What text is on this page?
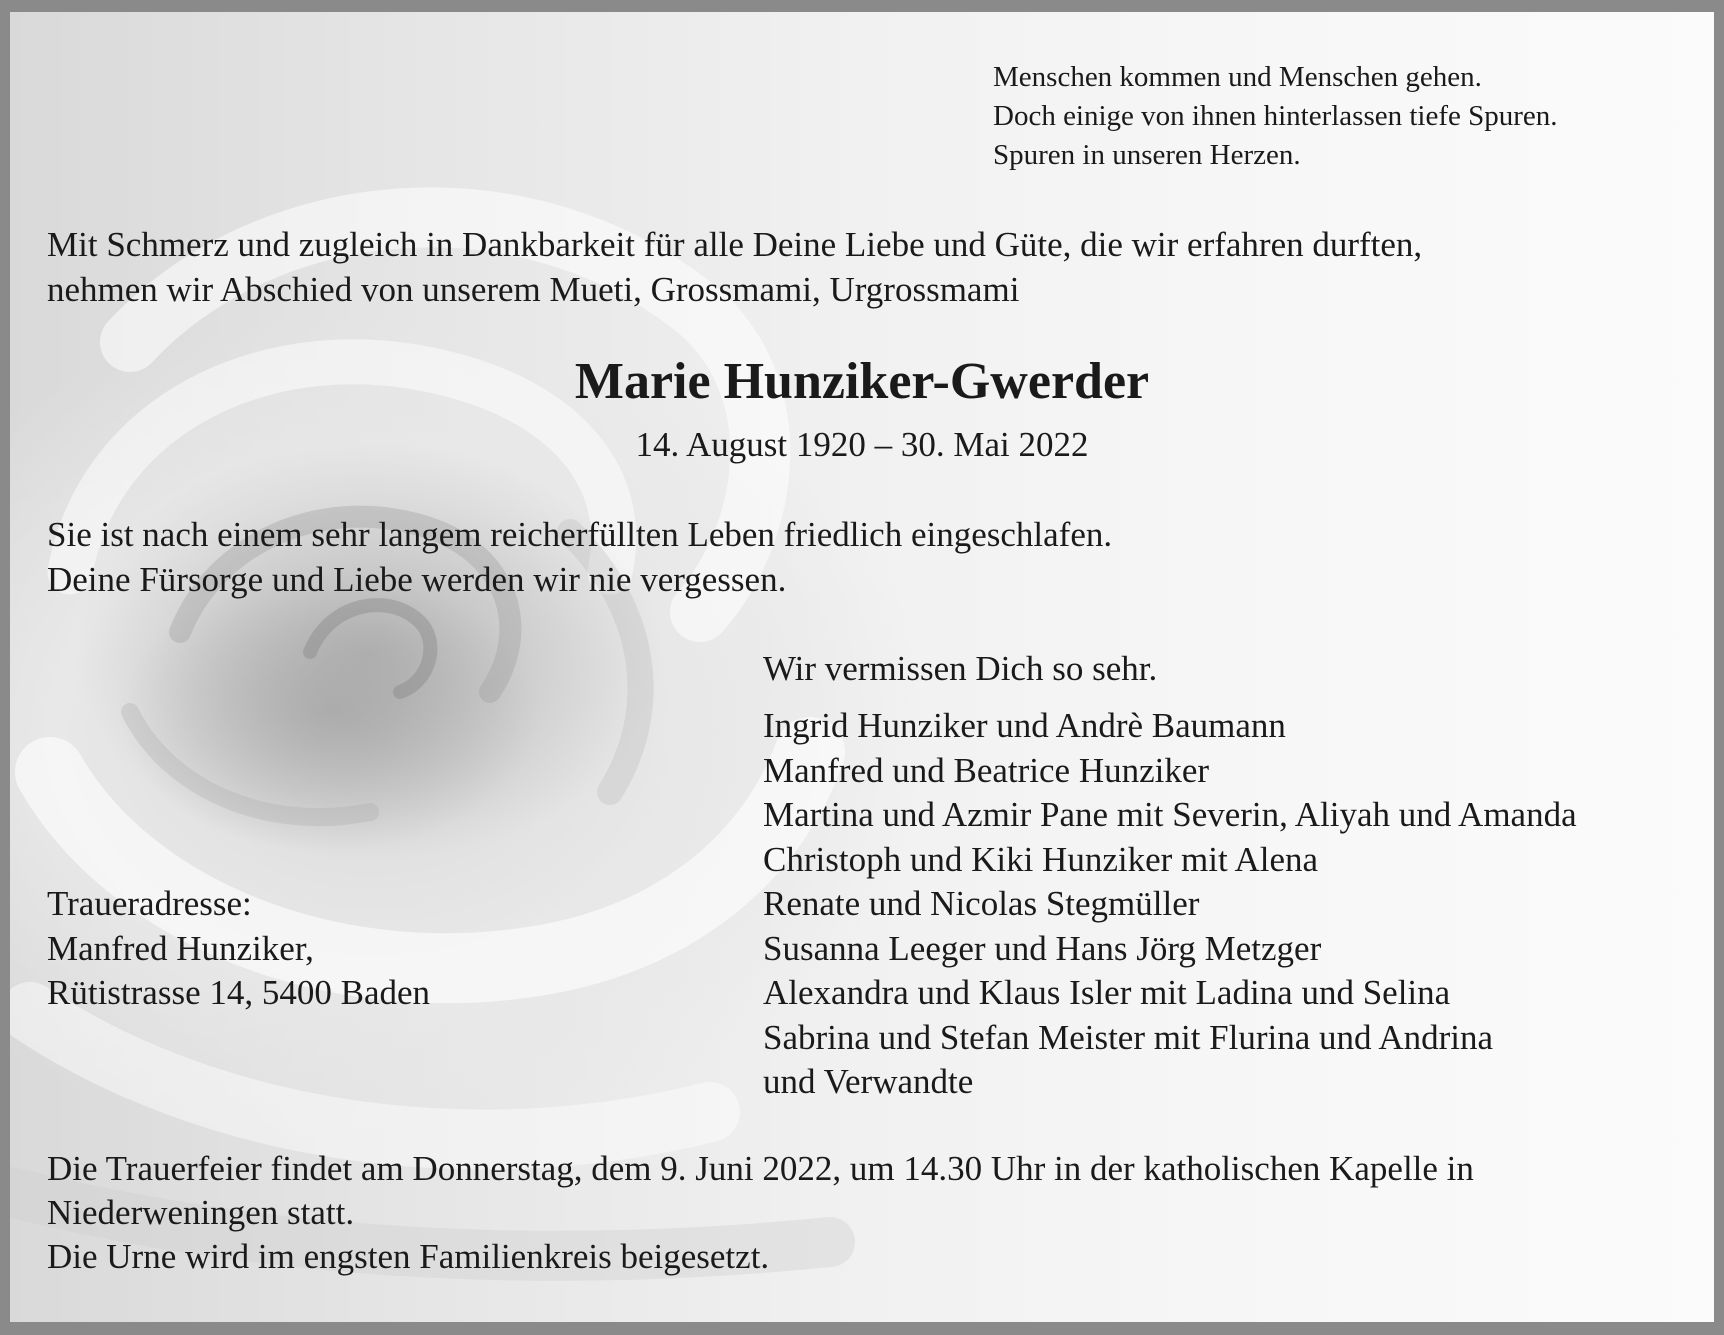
Menschen kommen und Menschen gehen.
Doch einige von ihnen hinterlassen tiefe Spuren.
Spuren in unseren Herzen.
Mit Schmerz und zugleich in Dankbarkeit für alle Deine Liebe und Güte, die wir erfahren durften,
nehmen wir Abschied von unserem Mueti, Grossmami, Urgrossmami
Marie Hunziker-Gwerder
14. August 1920 – 30. Mai 2022
Sie ist nach einem sehr langem reicherfüllten Leben friedlich eingeschlafen.
Deine Fürsorge und Liebe werden wir nie vergessen.
Wir vermissen Dich so sehr.
Ingrid Hunziker und Andrè Baumann
Manfred und Beatrice Hunziker
Martina und Azmir Pane mit Severin, Aliyah und Amanda
Christoph und Kiki Hunziker mit Alena
Renate und Nicolas Stegmüller
Susanna Leeger und Hans Jörg Metzger
Alexandra und Klaus Isler mit Ladina und Selina
Sabrina und Stefan Meister mit Flurina und Andrina
und Verwandte
Traueradresse:
Manfred Hunziker,
Rütistrasse 14, 5400 Baden
Die Trauerfeier findet am Donnerstag, dem 9. Juni 2022, um 14.30 Uhr in der katholischen Kapelle in
Niederweningen statt.
Die Urne wird im engsten Familienkreis beigesetzt.
